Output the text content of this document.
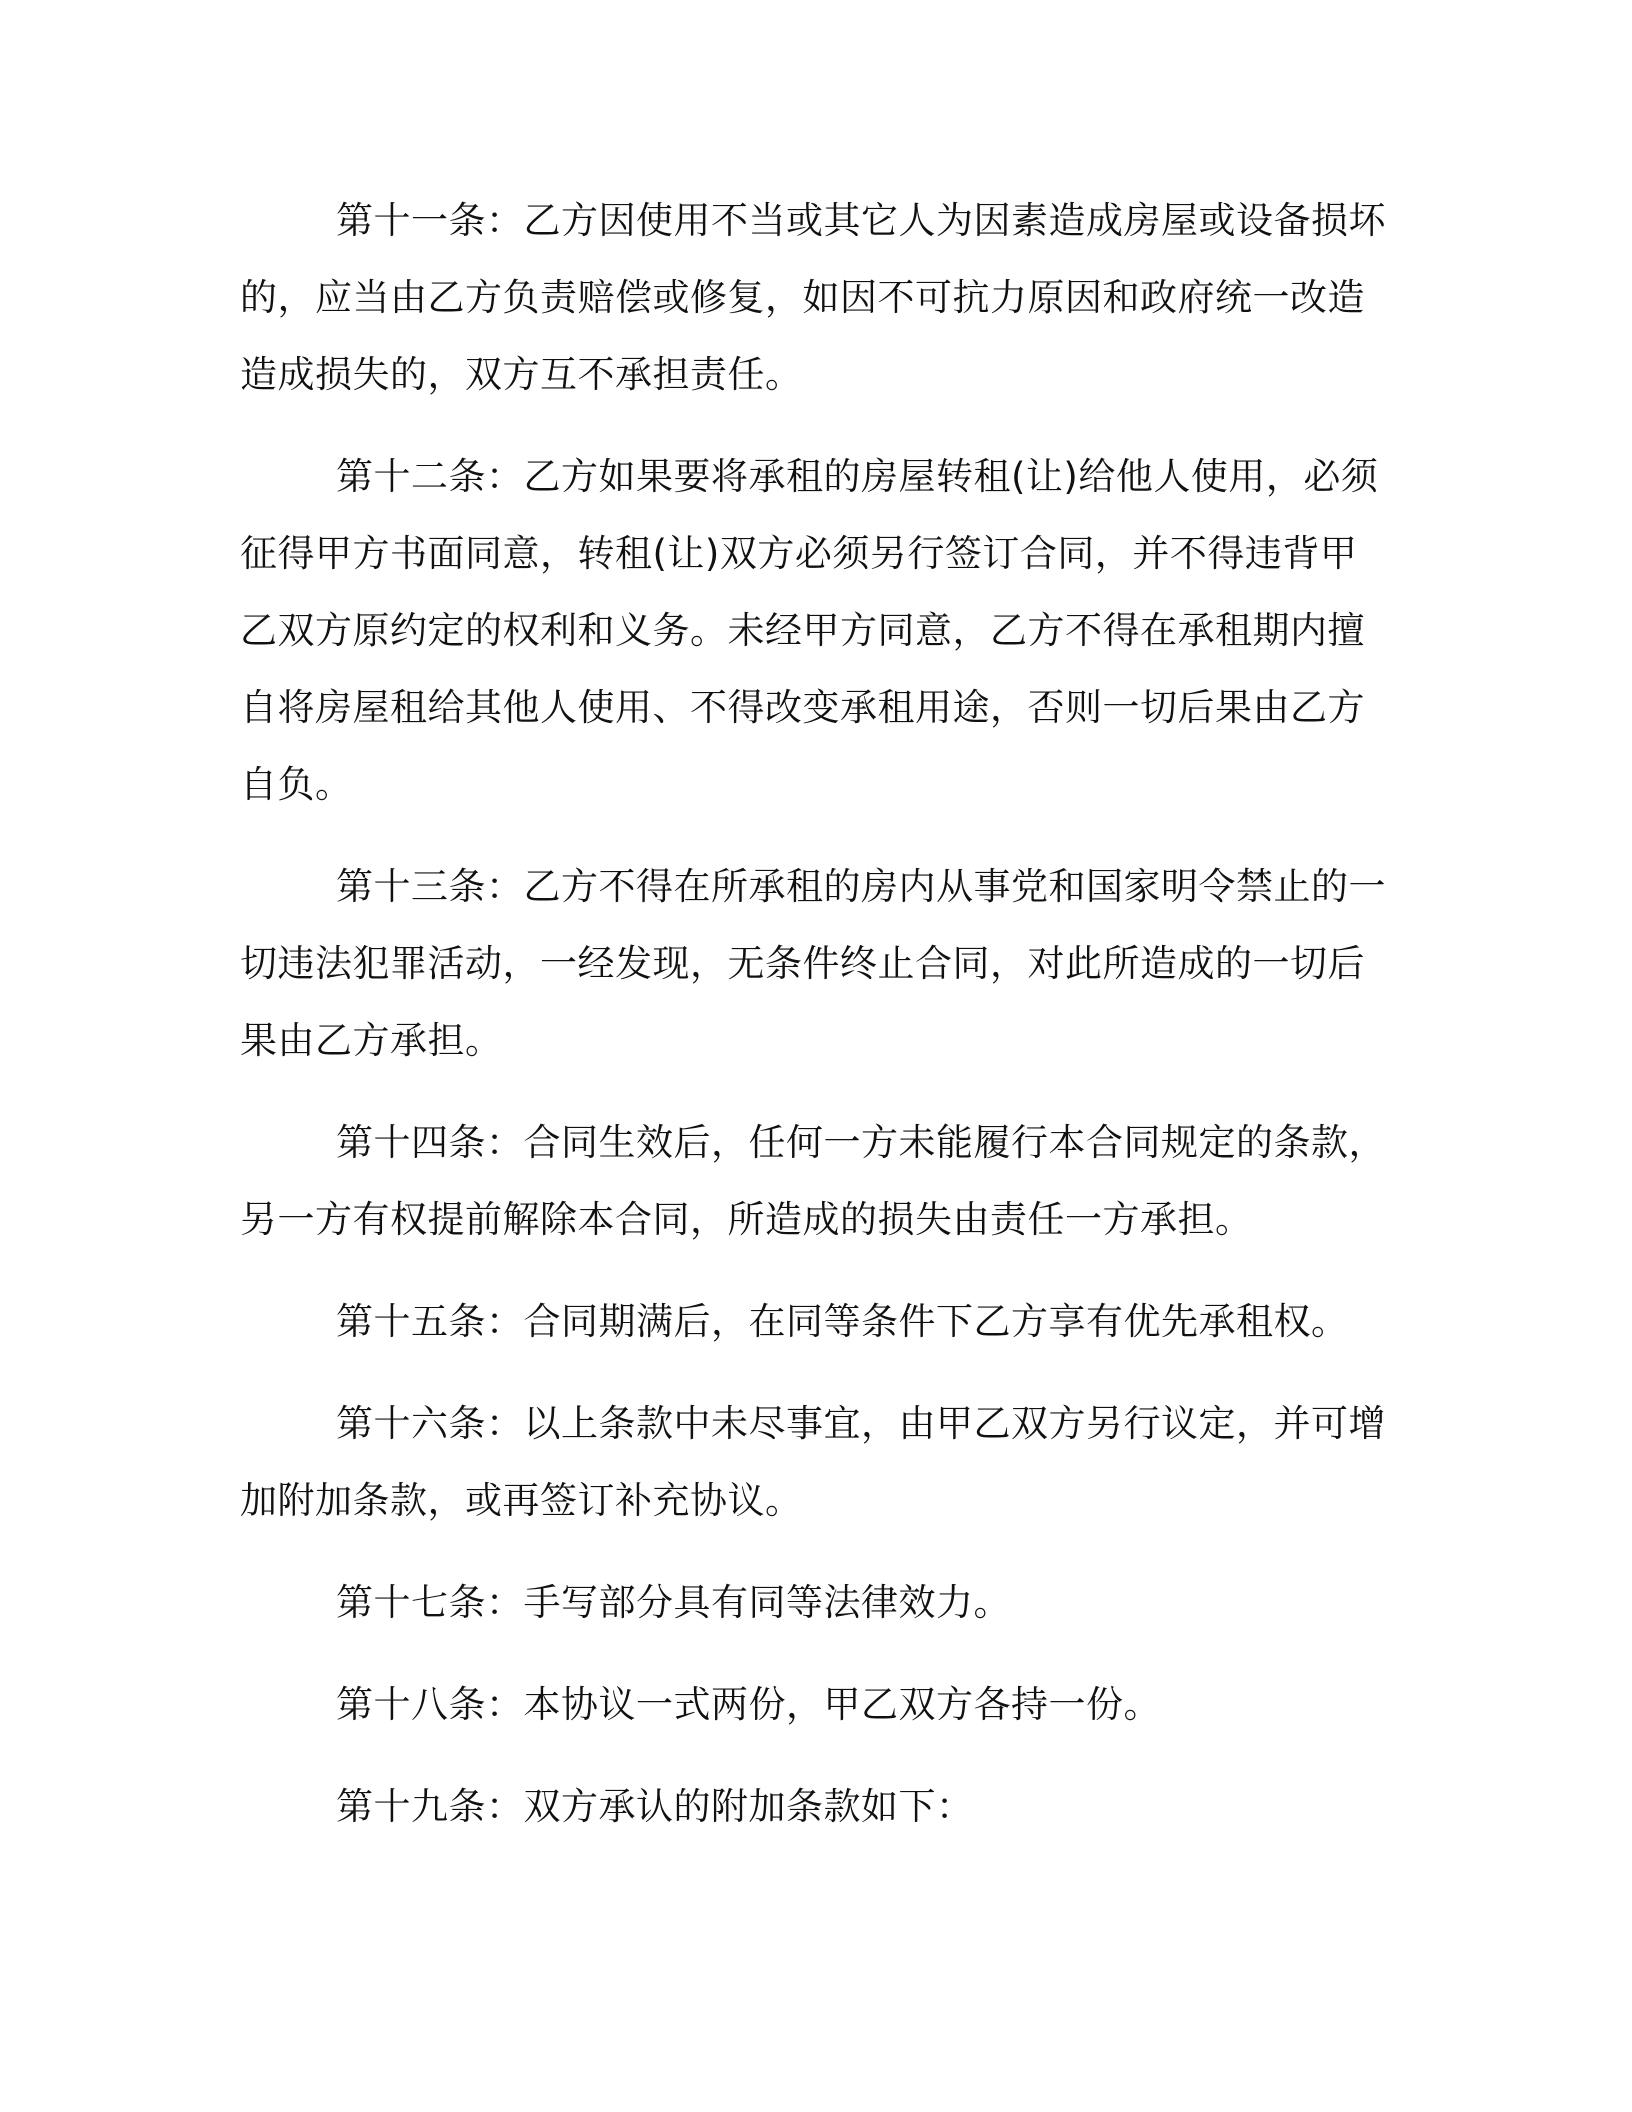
第十一条：乙方因使用不当或其它人为因素造成房屋或设备损坏的，应当由乙方负责赔偿或修复，如因不可抗力原因和政府统一改造造成损失的，双方互不承担责任。

第十二条：乙方如果要将承租的房屋转租(让)给他人使用，必须征得甲方书面同意，转租(让)双方必须另行签订合同，并不得违背甲乙双方原约定的权利和义务。未经甲方同意，乙方不得在承租期内擅自将房屋租给其他人使用、不得改变承租用途，否则一切后果由乙方自负。

第十三条：乙方不得在所承租的房内从事党和国家明令禁止的一切违法犯罪活动，一经发现，无条件终止合同，对此所造成的一切后果由乙方承担。

第十四条：合同生效后，任何一方未能履行本合同规定的条款，另一方有权提前解除本合同，所造成的损失由责任一方承担。

第十五条：合同期满后，在同等条件下乙方享有优先承租权。

第十六条：以上条款中未尽事宜，由甲乙双方另行议定，并可增加附加条款，或再签订补充协议。

第十七条：手写部分具有同等法律效力。

第十八条：本协议一式两份，甲乙双方各持一份。

第十九条：双方承认的附加条款如下：
